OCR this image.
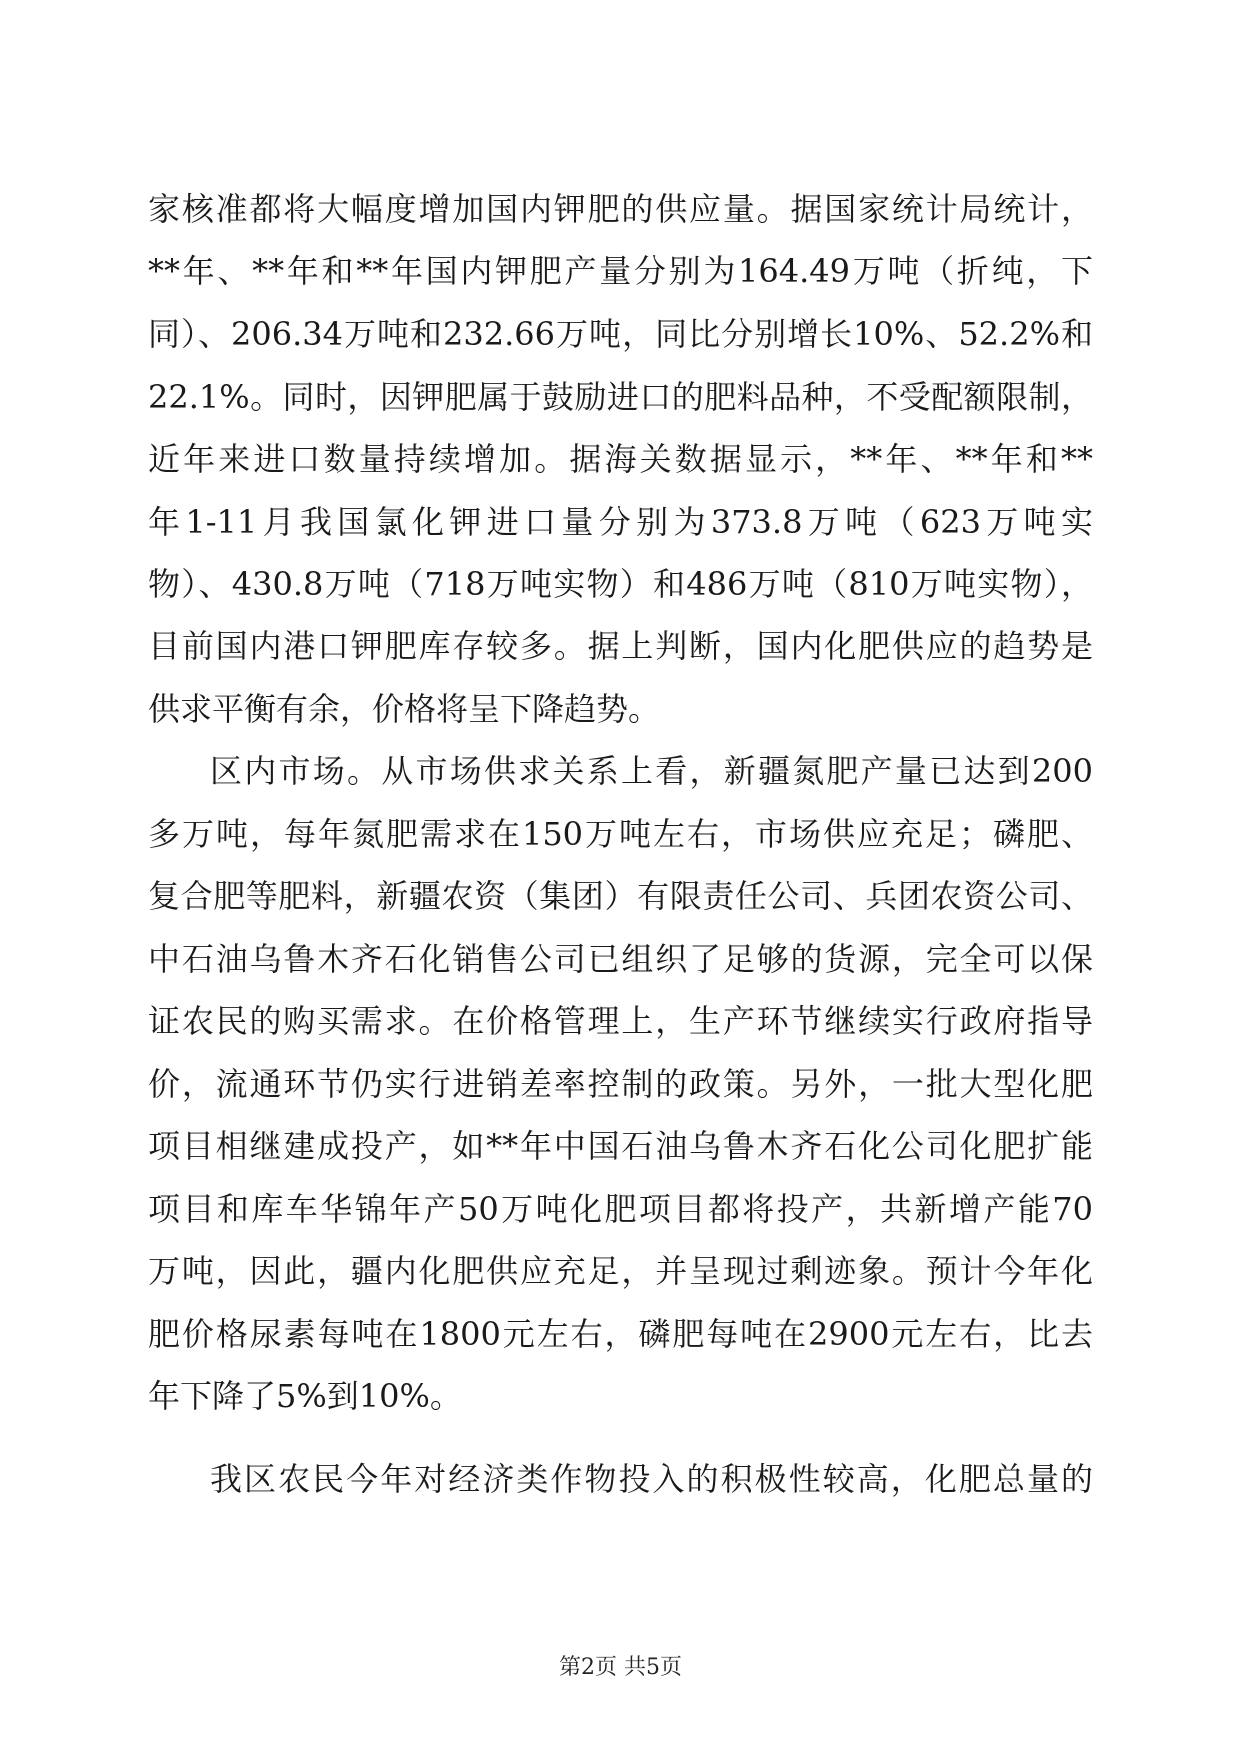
家核准都将大幅度增加国内钾肥的供应量。据国家统计局统计，
**年、**年和**年国内钾肥产量分别为164.49万吨（折纯，下
同）、206.34万吨和232.66万吨，同比分别增长10%、52.2%和
22.1%。同时，因钾肥属于鼓励进口的肥料品种，不受配额限制，
近年来进口数量持续增加。据海关数据显示，**年、**年和**
年1-11月我国氯化钾进口量分别为373.8万吨（623万吨实
物）、430.8万吨（718万吨实物）和486万吨（810万吨实物），
目前国内港口钾肥库存较多。据上判断，国内化肥供应的趋势是
供求平衡有余，价格将呈下降趋势。
区内市场。从市场供求关系上看，新疆氮肥产量已达到200
多万吨，每年氮肥需求在150万吨左右，市场供应充足；磷肥、
复合肥等肥料，新疆农资（集团）有限责任公司、兵团农资公司、
中石油乌鲁木齐石化销售公司已组织了足够的货源，完全可以保
证农民的购买需求。在价格管理上，生产环节继续实行政府指导
价，流通环节仍实行进销差率控制的政策。另外，一批大型化肥
项目相继建成投产，如**年中国石油乌鲁木齐石化公司化肥扩能
项目和库车华锦年产50万吨化肥项目都将投产，共新增产能70
万吨，因此，疆内化肥供应充足，并呈现过剩迹象。预计今年化
肥价格尿素每吨在1800元左右，磷肥每吨在2900元左右，比去
年下降了5%到10%。
我区农民今年对经济类作物投入的积极性较高，化肥总量的
第2页 共5页
